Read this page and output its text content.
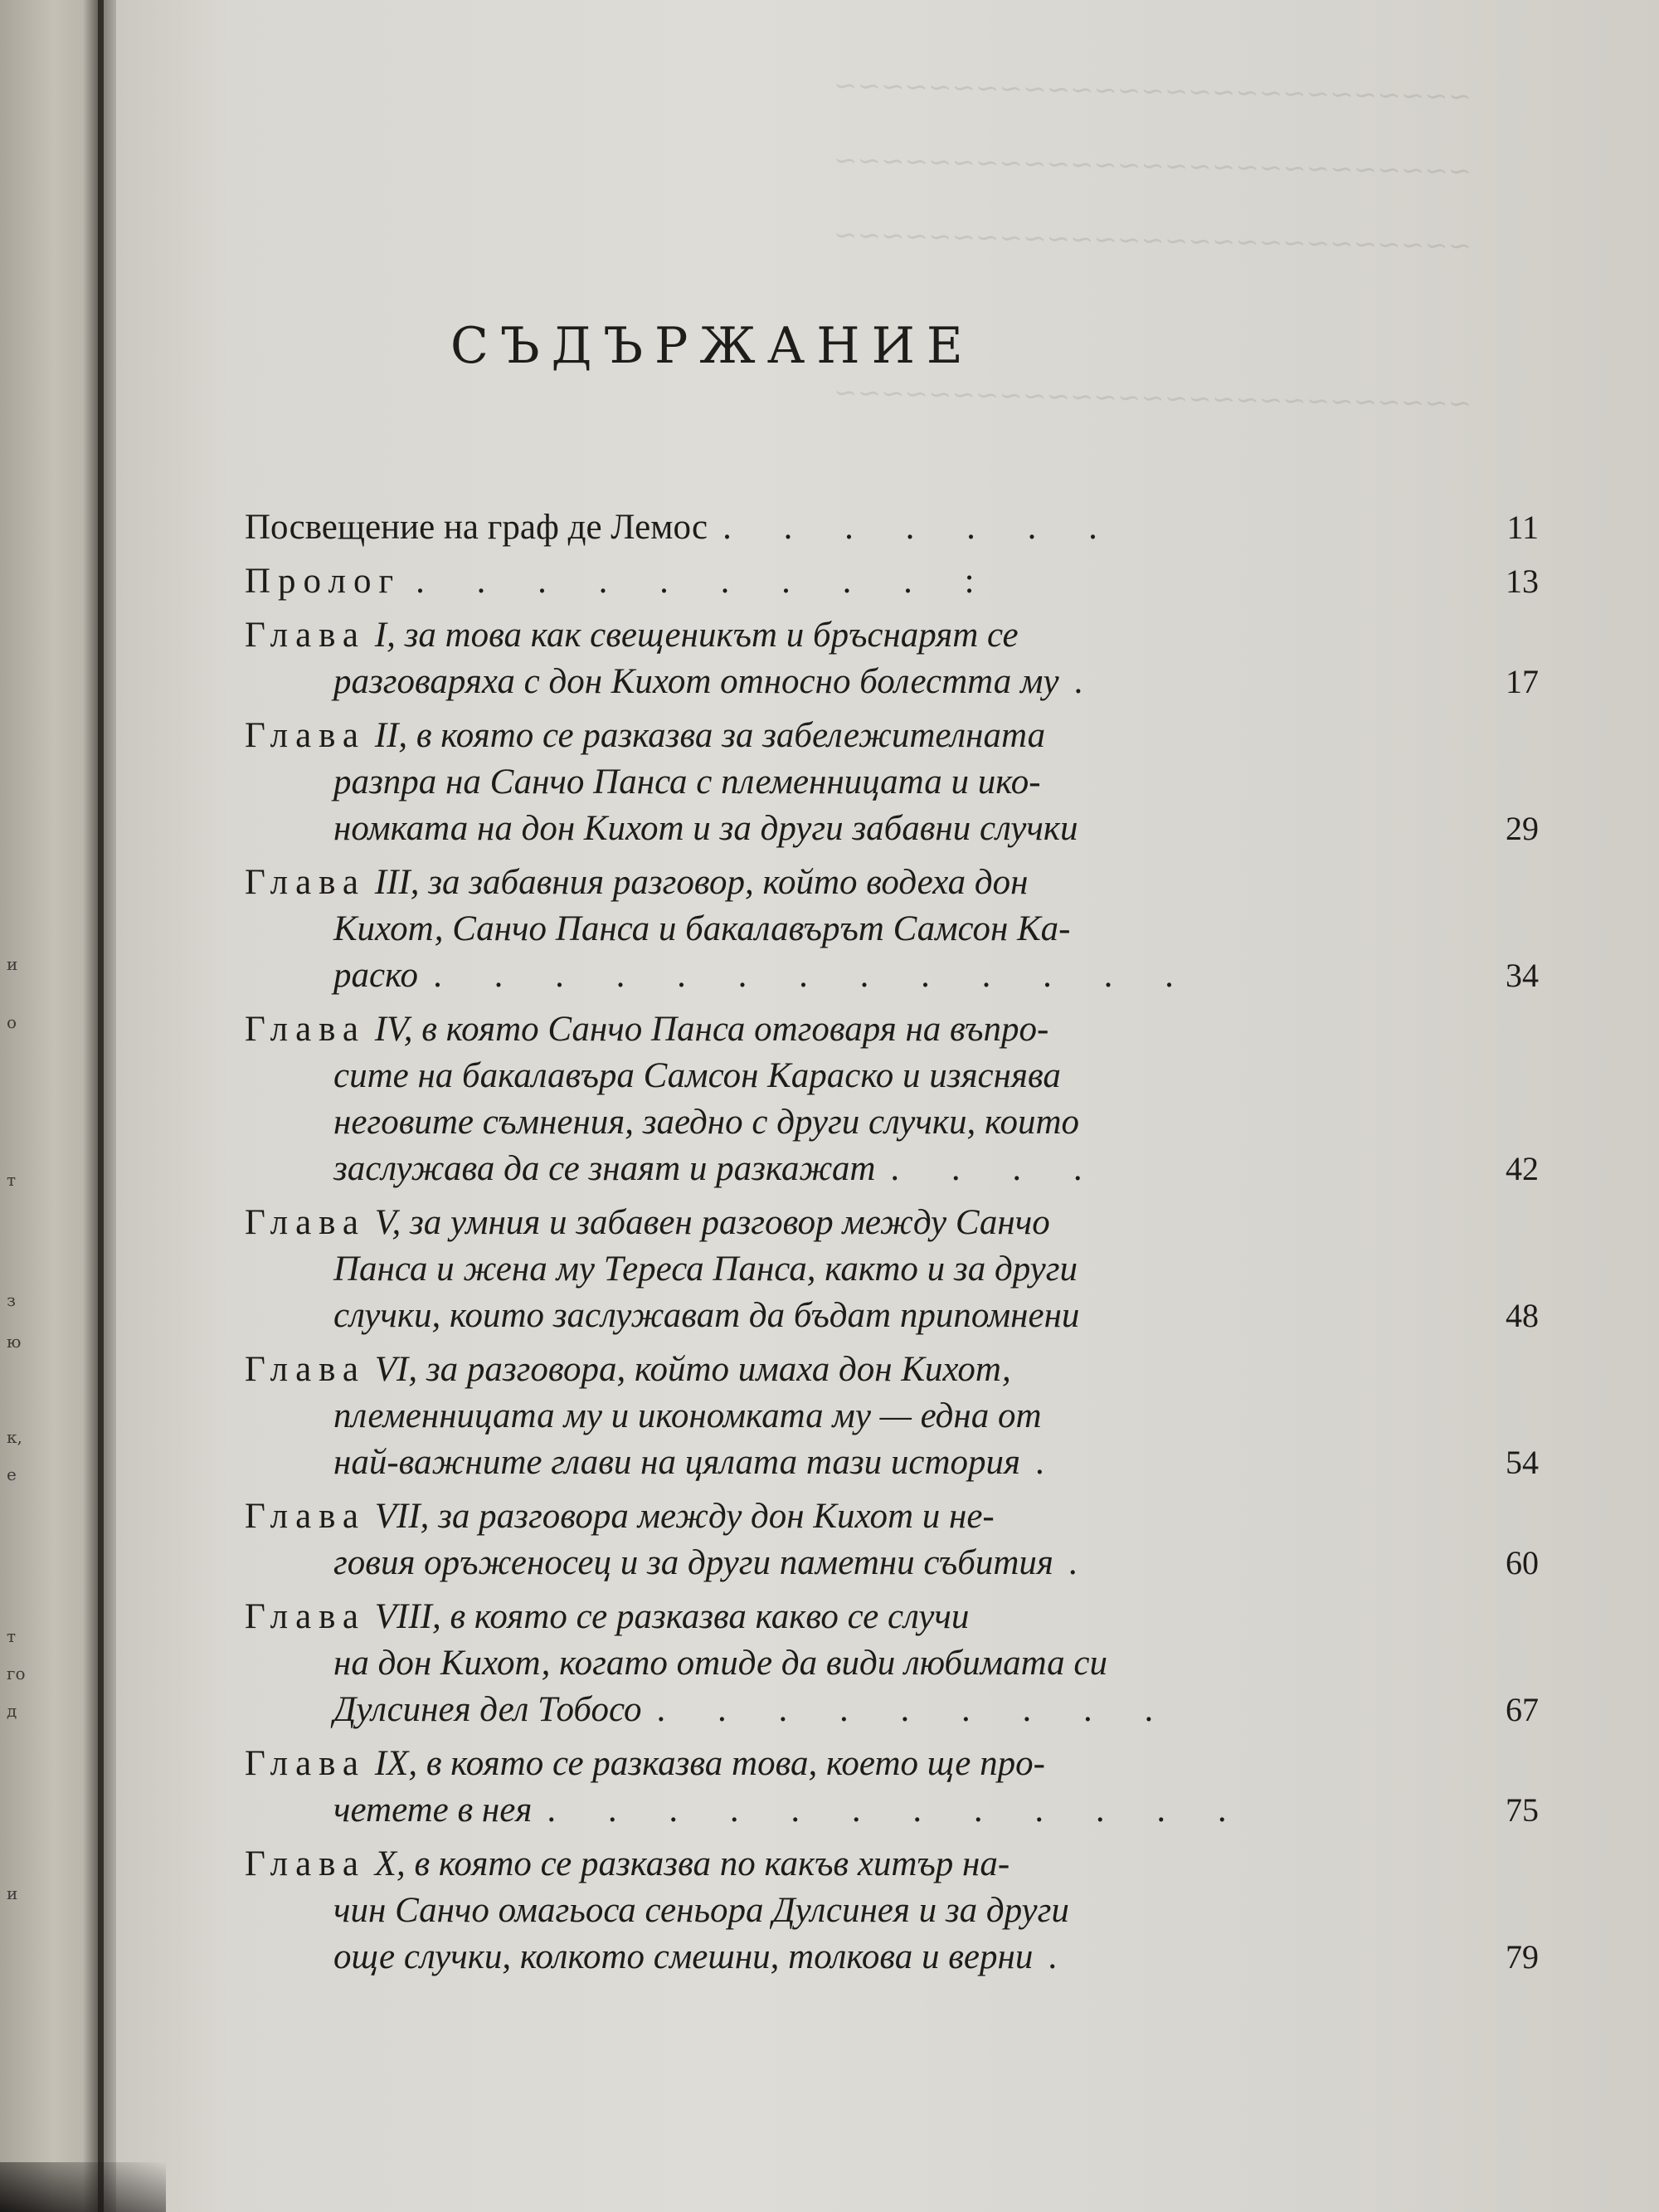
и
о
т
з
ю
к,
е
т
го
д
и
~~~~~~~~~~~~~~~~~~~~~~~~~~~
~~~~~~~~~~~~~~~~~~~~~~~~~~~
~~~~~~~~~~~~~~~~~~~~~~~~~~~
~~~~~~~~~~~~~~~~~~~~~~~~~~~
СЪДЪРЖАНИЕ
Посвещение на граф де Лемос . . . . . . .	11
Пролог . . . . . . . . . :	13
Глава I, за това как свещеникът и бръснарят се
разговаряха с дон Кихот относно болестта му .	17
Глава II, в която се разказва за забележителната
разпра на Санчо Панса с племенницата и ико-
номката на дон Кихот и за други забавни случки	29
Глава III, за забавния разговор, който водеха дон
Кихот, Санчо Панса и бакалавърът Самсон Ка-
раско . . . . . . . . . . . . .	34
Глава IV, в която Санчо Панса отговаря на въпро-
сите на бакалавъра Самсон Караско и изяснява
неговите съмнения, заедно с други случки, които
заслужава да се знаят и разкажат . . . .	42
Глава V, за умния и забавен разговор между Санчо
Панса и жена му Тереса Панса, както и за други
случки, които заслужават да бъдат припомнени	48
Глава VI, за разговора, който имаха дон Кихот,
племенницата му и икономката му — една от
най-важните глави на цялата тази история .	54
Глава VII, за разговора между дон Кихот и не-
говия оръженосец и за други паметни събития .	60
Глава VIII, в която се разказва какво се случи
на дон Кихот, когато отиде да види любимата си
Дулсинея дел Тобосо . . . . . . . . .	67
Глава IX, в която се разказва това, което ще про-
четете в нея . . . . . . . . . . . .	75
Глава X, в която се разказва по какъв хитър на-
чин Санчо омагьоса сеньора Дулсинея и за други
още случки, колкото смешни, толкова и верни .	79
